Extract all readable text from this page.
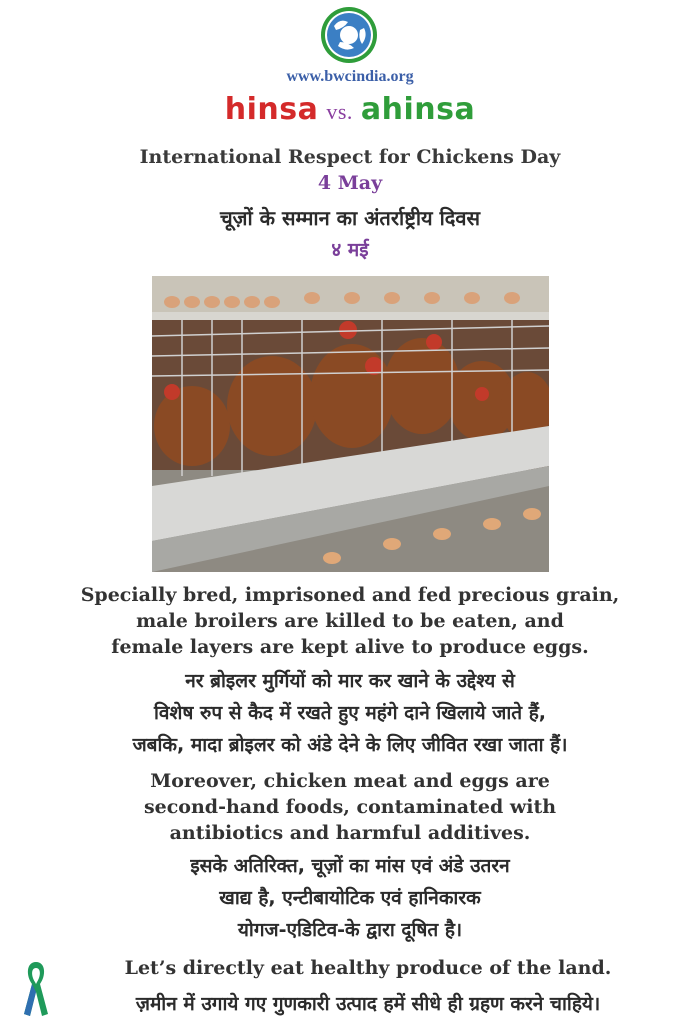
www.bwcindia.org
hinsa vs. ahinsa
International Respect for Chickens Day
4 May
चूज़ों के सम्मान का अंतर्राष्ट्रीय दिवस
४ मई
Specially bred, imprisoned and fed precious grain,
male broilers are killed to be eaten, and
female layers are kept alive to produce eggs.
नर ब्रोइलर मुर्गियों को मार कर खाने के उद्देश्य से
विशेष रुप से कैद में रखते हुए महंगे दाने खिलाये जाते हैं,
जबकि, मादा ब्रोइलर को अंडे देने के लिए जीवित रखा जाता हैं।
Moreover, chicken meat and eggs are
second-hand foods, contaminated with
antibiotics and harmful additives.
इसके अतिरिक्त, चूज़ों का मांस एवं अंडे उतरन
खाद्य है, एन्टीबायोटिक एवं हानिकारक
योगज-एडिटिव-के द्वारा दूषित है।
Let’s directly eat healthy produce of the land.
ज़मीन में उगाये गए गुणकारी उत्पाद हमें सीधे ही ग्रहण करने चाहिये।
